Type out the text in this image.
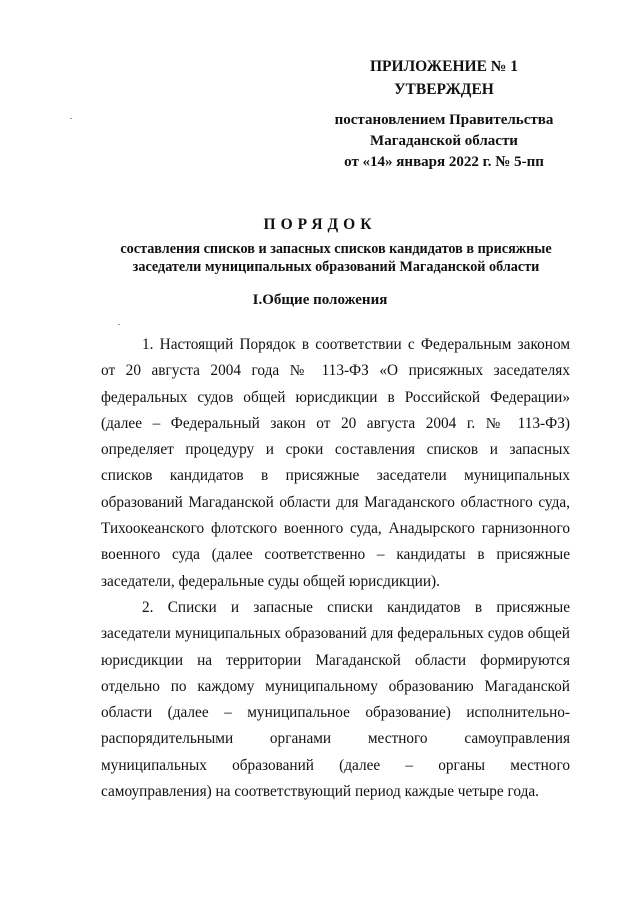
ПРИЛОЖЕНИЕ № 1
УТВЕРЖДЕН
постановлением Правительства
Магаданской области
от «14» января 2022 г. № 5-пп
ПОРЯДОК
составления списков и запасных списков кандидатов в присяжные заседатели муниципальных образований Магаданской области
I.Общие положения

1. Настоящий Порядок в соответствии с Федеральным законом от 20 августа 2004 года № 113-ФЗ «О присяжных заседателях федеральных судов общей юрисдикции в Российской Федерации» (далее – Федеральный закон от 20 августа 2004 г. № 113-ФЗ) определяет процедуру и сроки составления списков и запасных списков кандидатов в присяжные заседатели муниципальных образований Магаданской области для Магаданского областного суда, Тихоокеанского флотского военного суда, Анадырского гарнизонного военного суда (далее соответственно – кандидаты в присяжные заседатели, федеральные суды общей юрисдикции).

2. Списки и запасные списки кандидатов в присяжные заседатели муниципальных образований для федеральных судов общей юрисдикции на территории Магаданской области формируются отдельно по каждому муниципальному образованию Магаданской области (далее – муниципальное образование) исполнительно-распорядительными органами местного самоуправления муниципальных образований (далее – органы местного самоуправления) на соответствующий период каждые четыре года.
